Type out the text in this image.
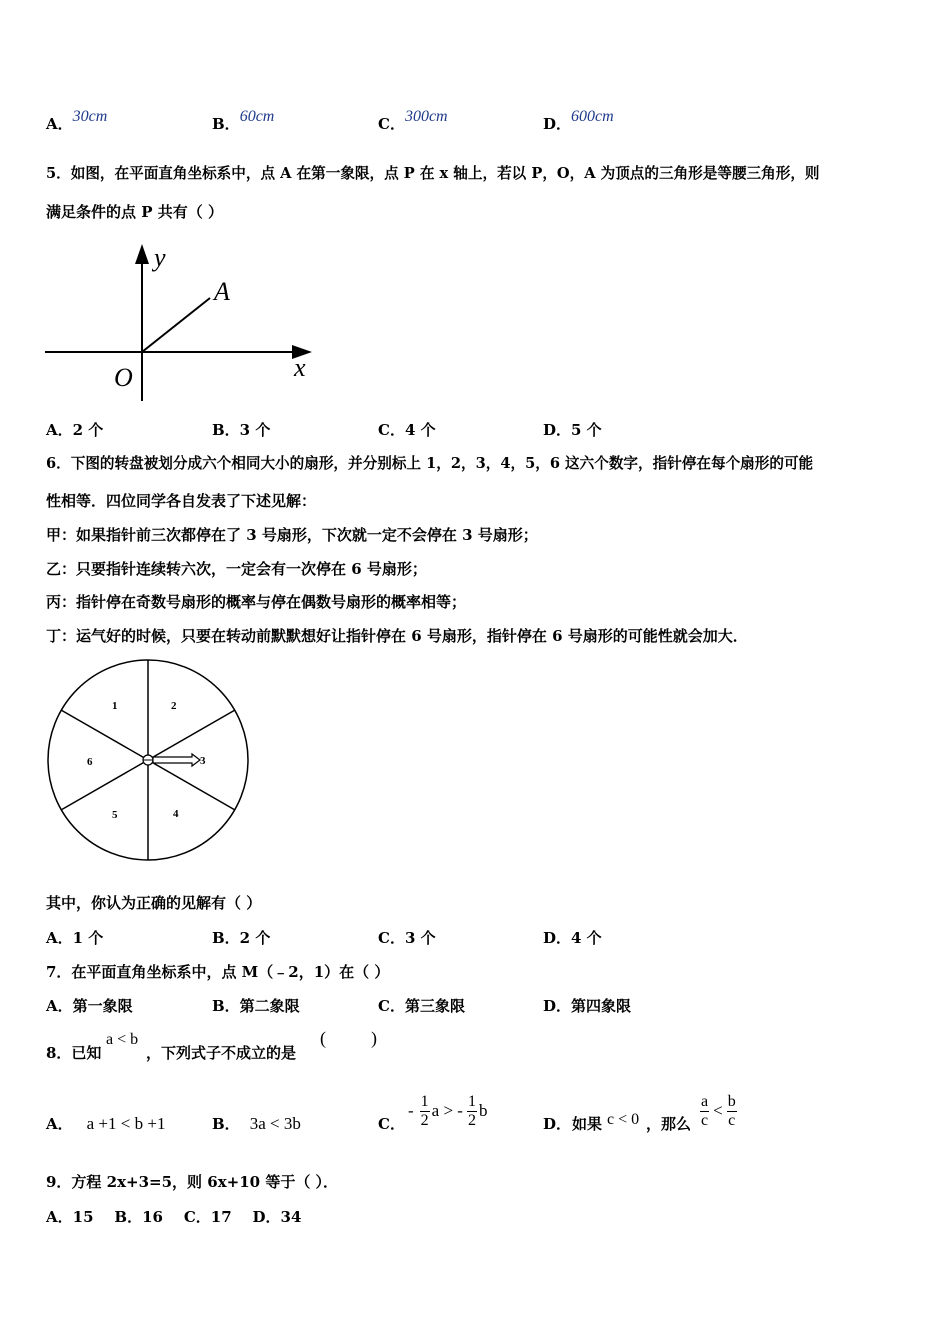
A．30cm	B．60cm	C．300cm	D．600cm
5．如图，在平面直角坐标系中，点 A 在第一象限，点 P 在 x 轴上，若以 P，O，A 为顶点的三角形是等腰三角形，则
满足条件的点 P 共有（ ）
y
x
O
A
A．2 个	B．3 个	C．4 个	D．5 个
6．下图的转盘被划分成六个相同大小的扇形，并分别标上 1，2，3，4，5，6 这六个数字，指针停在每个扇形的可能
性相等．四位同学各自发表了下述见解：
甲：如果指针前三次都停在了 3 号扇形，下次就一定不会停在 3 号扇形；
乙：只要指针连续转六次，一定会有一次停在 6 号扇形；
丙：指针停在奇数号扇形的概率与停在偶数号扇形的概率相等；
丁：运气好的时候，只要在转动前默默想好让指针停在 6 号扇形，指针停在 6 号扇形的可能性就会加大．
1	2
3
4
5
6
其中，你认为正确的见解有（ ）
A．1 个	B．2 个	C．3 个	D．4 个
7．在平面直角坐标系中，点 M（﹣2，1）在（ ）
A．第一象限	B．第二象限	C．第三象限	D．第四象限
8．已知
a < b
，下列式子不成立的是
(          )
A． a +1 < b +1	B． 3a < 3b	C．
- $\frac{1}{2}$ a > - $\frac{1}{2}$ b
D． 如果 c < 0 ，那么 $\frac{a}{c} < \frac{b}{c}$
9．方程 2x+3=5，则 6x+10 等于（ ）．
A．15    B．16    C．17    D．34
